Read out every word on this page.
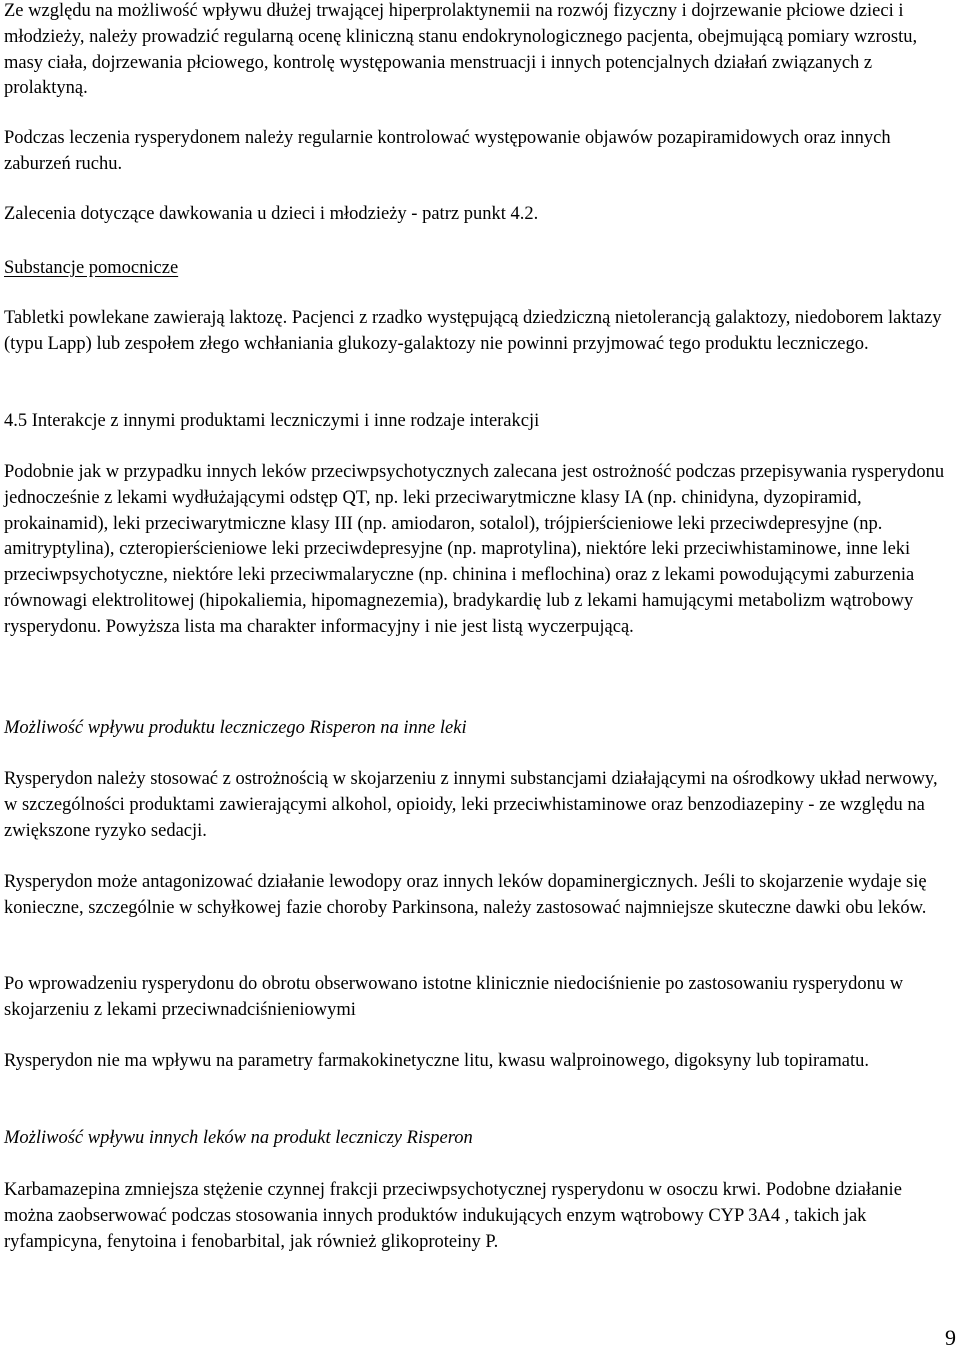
Ze względu na możliwość wpływu dłużej trwającej hiperprolaktynemii na rozwój fizyczny i dojrzewanie płciowe dzieci i młodzieży, należy prowadzić regularną ocenę kliniczną stanu endokrynologicznego pacjenta, obejmującą pomiary wzrostu, masy ciała, dojrzewania płciowego, kontrolę występowania menstruacji i innych potencjalnych działań związanych z prolaktyną.

Podczas leczenia rysperydonem należy regularnie kontrolować występowanie objawów pozapiramidowych oraz innych zaburzeń ruchu.

Zalecenia dotyczące dawkowania u dzieci i młodzieży - patrz punkt 4.2.

Substancje pomocnicze

Tabletki powlekane zawierają laktozę. Pacjenci z rzadko występującą dziedziczną nietolerancją galaktozy, niedoborem laktazy (typu Lapp) lub zespołem złego wchłaniania glukozy-galaktozy nie powinni przyjmować tego produktu leczniczego.

4.5 Interakcje z innymi produktami leczniczymi i inne rodzaje interakcji

Podobnie jak w przypadku innych leków przeciwpsychotycznych zalecana jest ostrożność podczas przepisywania rysperydonu jednocześnie z lekami wydłużającymi odstęp QT, np. leki przeciwarytmiczne klasy IA (np. chinidyna, dyzopiramid, prokainamid), leki przeciwarytmiczne klasy III (np. amiodaron, sotalol), trójpierścieniowe leki przeciwdepresyjne (np. amitryptylina), czteropierścieniowe leki przeciwdepresyjne (np. maprotylina), niektóre leki przeciwhistaminowe, inne leki przeciwpsychotyczne, niektóre leki przeciwmalaryczne (np. chinina i meflochina) oraz z lekami powodującymi zaburzenia równowagi elektrolitowej (hipokaliemia, hipomagnezemia), bradykardię lub z lekami hamującymi metabolizm wątrobowy rysperydonu. Powyższa lista ma charakter informacyjny i nie jest listą wyczerpującą.

Możliwość wpływu produktu leczniczego Risperon na inne leki

Rysperydon należy stosować z ostrożnością w skojarzeniu z innymi substancjami działającymi na ośrodkowy układ nerwowy, w szczególności produktami zawierającymi alkohol, opioidy, leki przeciwhistaminowe oraz benzodiazepiny - ze względu na zwiększone ryzyko sedacji.

Rysperydon może antagonizować działanie lewodopy oraz innych leków dopaminergicznych. Jeśli to skojarzenie wydaje się konieczne, szczególnie w schyłkowej fazie choroby Parkinsona, należy zastosować najmniejsze skuteczne dawki obu leków.

Po wprowadzeniu rysperydonu do obrotu obserwowano istotne klinicznie niedociśnienie po zastosowaniu rysperydonu w skojarzeniu z lekami przeciwnadciśnieniowymi

Rysperydon nie ma wpływu na parametry farmakokinetyczne litu, kwasu walproinowego, digoksyny lub topiramatu.

Możliwość wpływu innych leków na produkt leczniczy Risperon

Karbamazepina zmniejsza stężenie czynnej frakcji przeciwpsychotycznej rysperydonu w osoczu krwi. Podobne działanie można zaobserwować podczas stosowania innych produktów indukujących enzym wątrobowy CYP 3A4 , takich jak ryfampicyna, fenytoina i fenobarbital, jak również glikoproteiny P.

9
